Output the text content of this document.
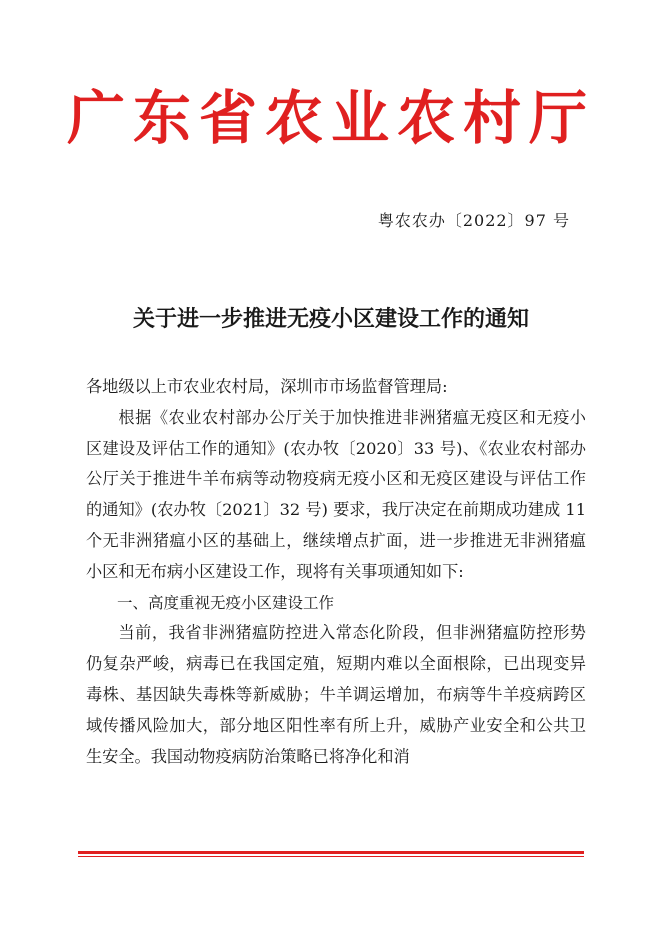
广东省农业农村厅
粤农农办〔2022〕97 号
关于进一步推进无疫小区建设工作的通知

各地级以上市农业农村局，深圳市市场监督管理局:

根据《农业农村部办公厅关于加快推进非洲猪瘟无疫区和无疫小区建设及评估工作的通知》(农办牧〔2020〕33 号)、《农业农村部办公厅关于推进牛羊布病等动物疫病无疫小区和无疫区建设与评估工作的通知》(农办牧〔2021〕32 号) 要求，我厅决定在前期成功建成 11 个无非洲猪瘟小区的基础上，继续增点扩面，进一步推进无非洲猪瘟小区和无布病小区建设工作，现将有关事项通知如下:

一、高度重视无疫小区建设工作

当前，我省非洲猪瘟防控进入常态化阶段，但非洲猪瘟防控形势仍复杂严峻，病毒已在我国定殖，短期内难以全面根除，已出现变异毒株、基因缺失毒株等新威胁；牛羊调运增加，布病等牛羊疫病跨区域传播风险加大，部分地区阳性率有所上升，威胁产业安全和公共卫生安全。我国动物疫病防治策略已将净化和消
